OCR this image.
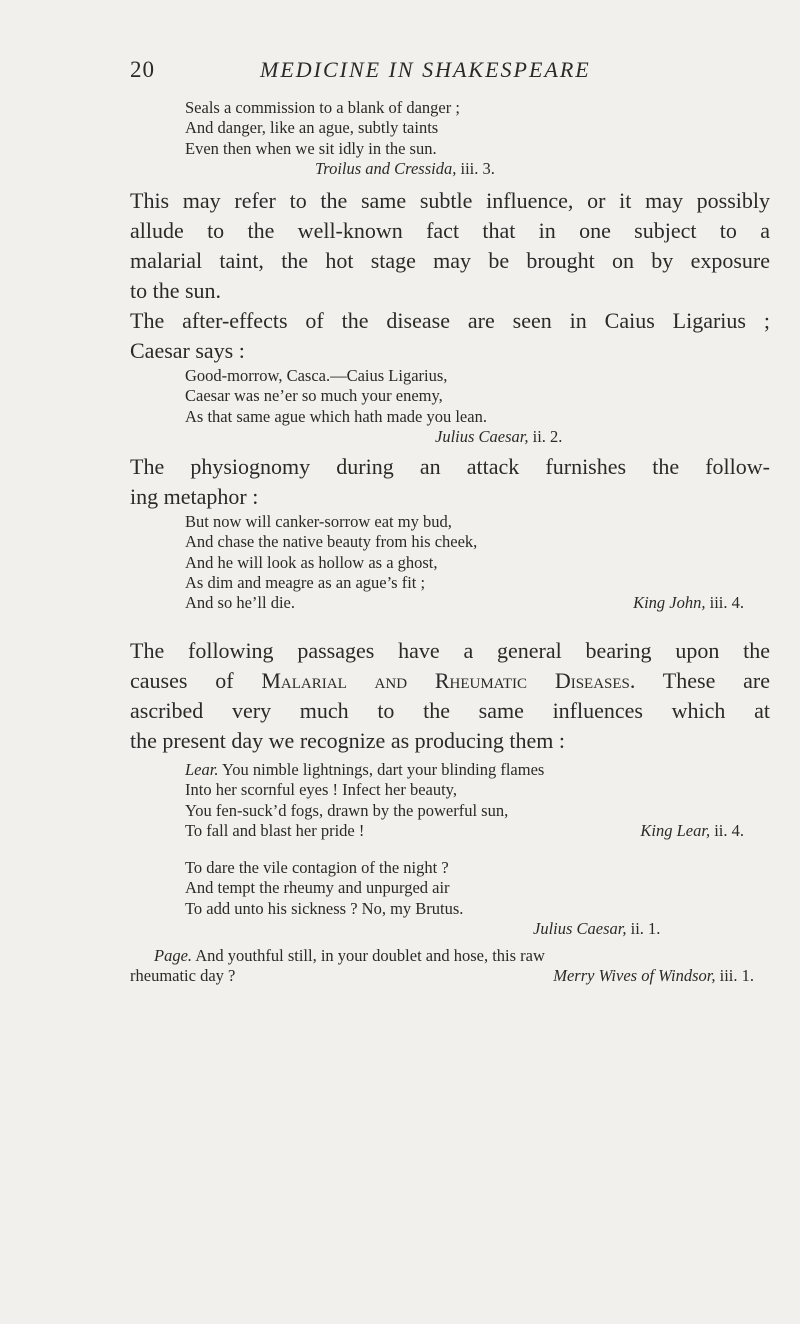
20	MEDICINE IN SHAKESPEARE
Seals a commission to a blank of danger ;
And danger, like an ague, subtly taints
Even then when we sit idly in the sun.
Troilus and Cressida, iii. 3.
This may refer to the same subtle influence, or it may possibly
allude to the well-known fact that in one subject to a
malarial taint, the hot stage may be brought on by exposure
to the sun.
The after-effects of the disease are seen in Caius Ligarius ;
Caesar says :
Good-morrow, Casca.—Caius Ligarius,
Caesar was ne’er so much your enemy,
As that same ague which hath made you lean.
Julius Caesar, ii. 2.
The physiognomy during an attack furnishes the follow-
ing metaphor :
But now will canker-sorrow eat my bud,
And chase the native beauty from his cheek,
And he will look as hollow as a ghost,
As dim and meagre as an ague’s fit ;
And so he’ll die.	King John, iii. 4.
The following passages have a general bearing upon the
causes of Malarial and Rheumatic Diseases. These are
ascribed very much to the same influences which at
the present day we recognize as producing them :
Lear. You nimble lightnings, dart your blinding flames
Into her scornful eyes ! Infect her beauty,
You fen-suck’d fogs, drawn by the powerful sun,
To fall and blast her pride !	King Lear, ii. 4.
To dare the vile contagion of the night ?
And tempt the rheumy and unpurged air
To add unto his sickness ? No, my Brutus.
Julius Caesar, ii. 1.
Page. And youthful still, in your doublet and hose, this raw
rheumatic day ?	Merry Wives of Windsor, iii. 1.
